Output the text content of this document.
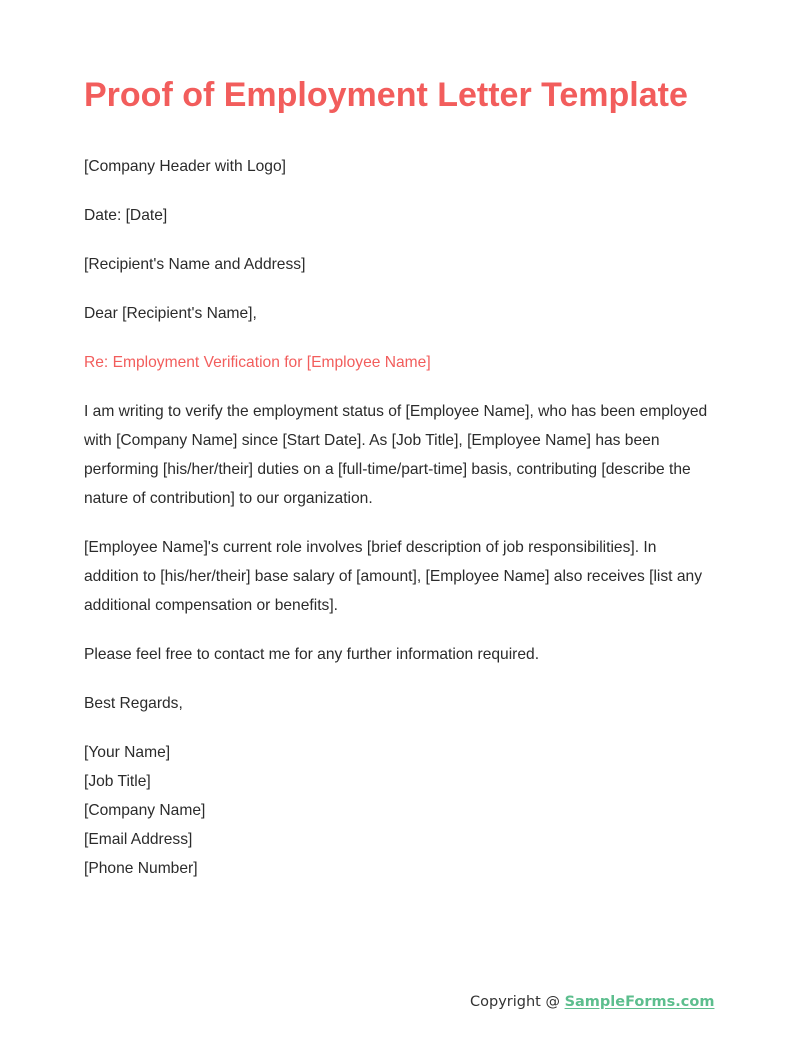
Proof of Employment Letter Template

[Company Header with Logo]

Date: [Date]

[Recipient's Name and Address]

Dear [Recipient's Name],

Re: Employment Verification for [Employee Name]

I am writing to verify the employment status of [Employee Name], who has been employed with [Company Name] since [Start Date]. As [Job Title], [Employee Name] has been performing [his/her/their] duties on a [full-time/part-time] basis, contributing [describe the nature of contribution] to our organization.

[Employee Name]'s current role involves [brief description of job responsibilities]. In addition to [his/her/their] base salary of [amount], [Employee Name] also receives [list any additional compensation or benefits].

Please feel free to contact me for any further information required.

Best Regards,

[Your Name]

[Job Title]

[Company Name]

[Email Address]

[Phone Number]

Copyright @ SampleForms.com
